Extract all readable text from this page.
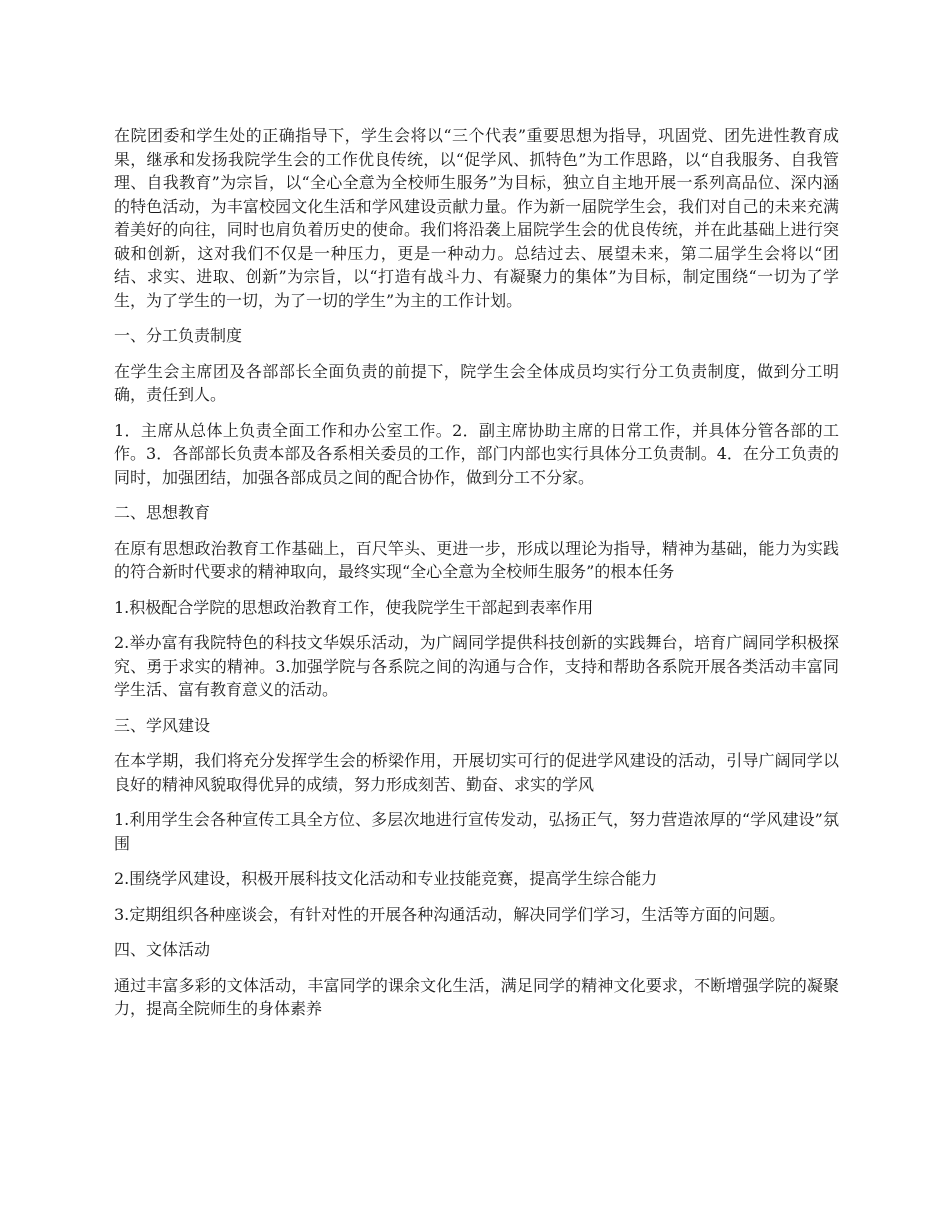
在院团委和学生处的正确指导下，学生会将以“三个代表”重要思想为指导，巩固党、团先进性教育成果，继承和发扬我院学生会的工作优良传统，以“促学风、抓特色”为工作思路，以“自我服务、自我管理、自我教育”为宗旨，以“全心全意为全校师生服务”为目标，独立自主地开展一系列高品位、深内涵的特色活动，为丰富校园文化生活和学风建设贡献力量。作为新一届院学生会，我们对自己的未来充满着美好的向往，同时也肩负着历史的使命。我们将沿袭上届院学生会的优良传统，并在此基础上进行突破和创新，这对我们不仅是一种压力，更是一种动力。总结过去、展望未来，第二届学生会将以“团结、求实、进取、创新”为宗旨，以“打造有战斗力、有凝聚力的集体”为目标，制定围绕“一切为了学生，为了学生的一切，为了一切的学生”为主的工作计划。

一、分工负责制度

在学生会主席团及各部部长全面负责的前提下，院学生会全体成员均实行分工负责制度，做到分工明确，责任到人。

1．主席从总体上负责全面工作和办公室工作。2．副主席协助主席的日常工作，并具体分管各部的工作。3．各部部长负责本部及各系相关委员的工作，部门内部也实行具体分工负责制。4．在分工负责的同时，加强团结，加强各部成员之间的配合协作，做到分工不分家。

二、思想教育

在原有思想政治教育工作基础上，百尺竿头、更进一步，形成以理论为指导，精神为基础，能力为实践的符合新时代要求的精神取向，最终实现“全心全意为全校师生服务”的根本任务

1.积极配合学院的思想政治教育工作，使我院学生干部起到表率作用

2.举办富有我院特色的科技文华娱乐活动，为广阔同学提供科技创新的实践舞台，培育广阔同学积极探究、勇于求实的精神。3.加强学院与各系院之间的沟通与合作，支持和帮助各系院开展各类活动丰富同学生活、富有教育意义的活动。

三、学风建设

在本学期，我们将充分发挥学生会的桥梁作用，开展切实可行的促进学风建设的活动，引导广阔同学以良好的精神风貌取得优异的成绩，努力形成刻苦、勤奋、求实的学风

1.利用学生会各种宣传工具全方位、多层次地进行宣传发动，弘扬正气，努力营造浓厚的“学风建设”氛围

2.围绕学风建设，积极开展科技文化活动和专业技能竞赛，提高学生综合能力

3.定期组织各种座谈会，有针对性的开展各种沟通活动，解决同学们学习，生活等方面的问题。

四、文体活动

通过丰富多彩的文体活动，丰富同学的课余文化生活，满足同学的精神文化要求，不断增强学院的凝聚力，提高全院师生的身体素养
